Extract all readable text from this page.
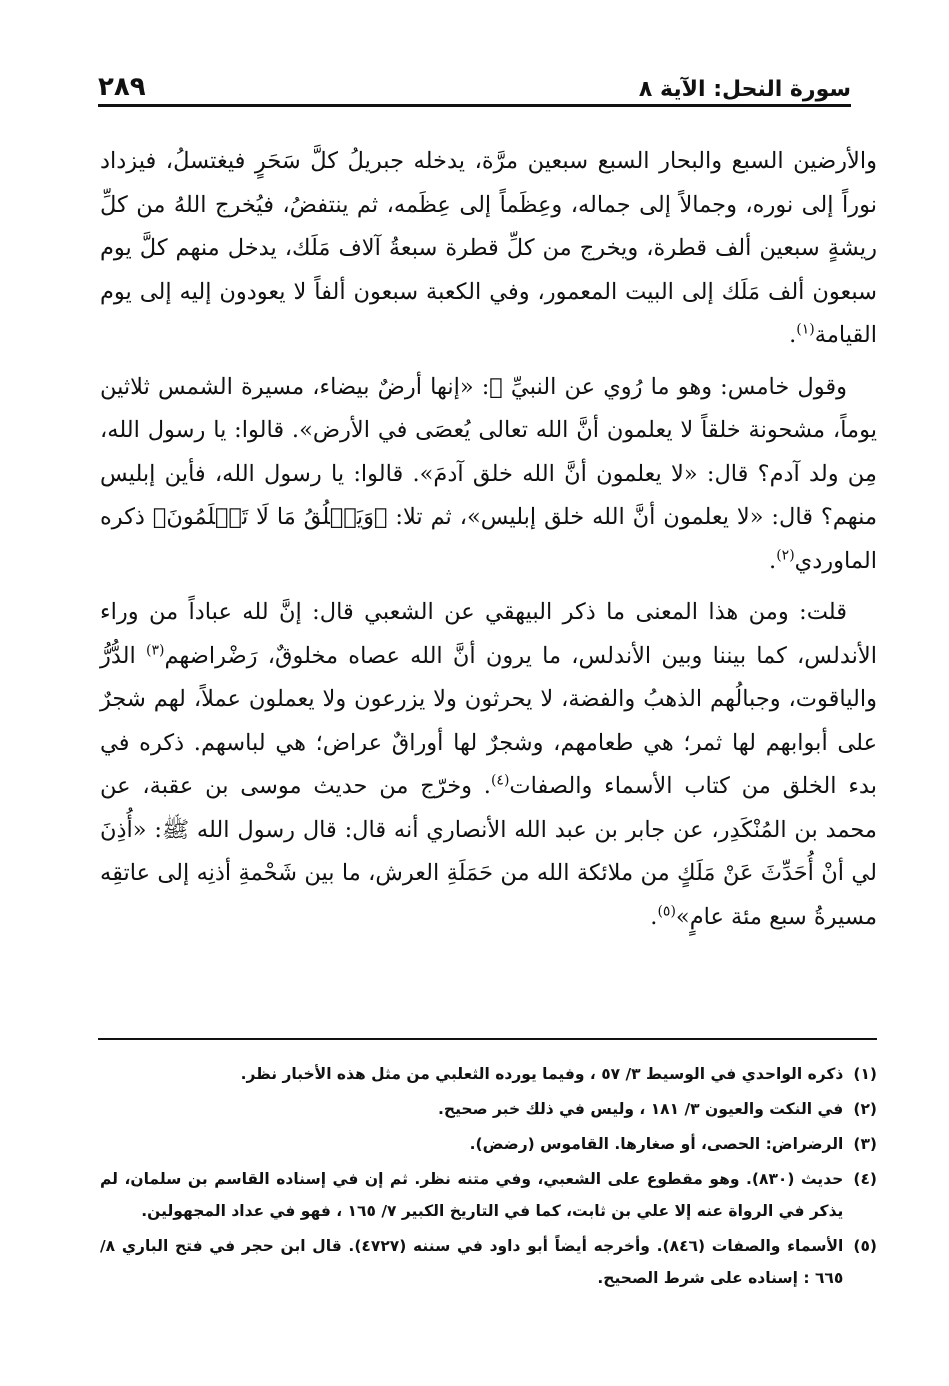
سورة النحل: الآية ٨
٢٨٩

والأرضين السبع والبحار السبع سبعين مرَّة، يدخله جبريلُ كلَّ سَحَرٍ فيغتسلُ، فيزداد نوراً إلى نوره، وجمالاً إلى جماله، وعِظَماً إلى عِظَمه، ثم ينتفضُ، فيُخرج اللهُ من كلِّ ريشةٍ سبعين ألف قطرة، ويخرج من كلِّ قطرة سبعةُ آلاف مَلَك، يدخل منهم كلَّ يوم سبعون ألف مَلَك إلى البيت المعمور، وفي الكعبة سبعون ألفاً لا يعودون إليه إلى يوم القيامة$^{(١)}$.

وقول خامس: وهو ما رُوي عن النبيِّ ﷺ: «إنها أرضٌ بيضاء، مسيرة الشمس ثلاثين يوماً، مشحونة خلقاً لا يعلمون أنَّ الله تعالى يُعصَى في الأرض». قالوا: يا رسول الله، مِن ولد آدم؟ قال: «لا يعلمون أنَّ الله خلق آدمَ». قالوا: يا رسول الله، فأين إبليس منهم؟ قال: «لا يعلمون أنَّ الله خلق إبليس»، ثم تلا: ﴿وَيَخۡلُقُ مَا لَا تَعۡلَمُونَ﴾ ذكره الماوردي$^{(٢)}$.

قلت: ومن هذا المعنى ما ذكر البيهقي عن الشعبي قال: إنَّ لله عباداً من وراء الأندلس، كما بيننا وبين الأندلس، ما يرون أنَّ الله عصاه مخلوقٌ، رَضْراضهم$^{(٣)}$ الدُّرُّ والياقوت، وجبالُهم الذهبُ والفضة، لا يحرثون ولا يزرعون ولا يعملون عملاً، لهم شجرٌ على أبوابهم لها ثمر؛ هي طعامهم، وشجرٌ لها أوراقٌ عراض؛ هي لباسهم. ذكره في بدء الخلق من كتاب الأسماء والصفات$^{(٤)}$. وخرّج من حديث موسى بن عقبة، عن محمد بن المُنْكَدِر، عن جابر بن عبد الله الأنصاري أنه قال: قال رسول الله ﷺ: «أُذِنَ لي أنْ أُحَدِّثَ عَنْ مَلَكٍ من ملائكة الله من حَمَلَةِ العرش، ما بين شَحْمةِ أذنِه إلى عاتقِه مسيرةُ سبع مئة عامٍ»$^{(٥)}$.

(١)
ذكره الواحدي في الوسيط ٣/ ٥٧ ، وفيما يورده الثعلبي من مثل هذه الأخبار نظر.
(٢)
في النكت والعيون ٣/ ١٨١ ، وليس في ذلك خبر صحيح.
(٣)
الرضراض: الحصى، أو صغارها. القاموس (رضض).
(٤)
حديث (٨٣٠). وهو مقطوع على الشعبي، وفي متنه نظر. ثم إن في إسناده القاسم بن سلمان، لم يذكر في الرواة عنه إلا علي بن ثابت، كما في التاريخ الكبير ٧/ ١٦٥ ، فهو في عداد المجهولين.
(٥)
الأسماء والصفات (٨٤٦). وأخرجه أيضاً أبو داود في سننه (٤٧٢٧). قال ابن حجر في فتح الباري ٨/ ٦٦٥ : إسناده على شرط الصحيح.
